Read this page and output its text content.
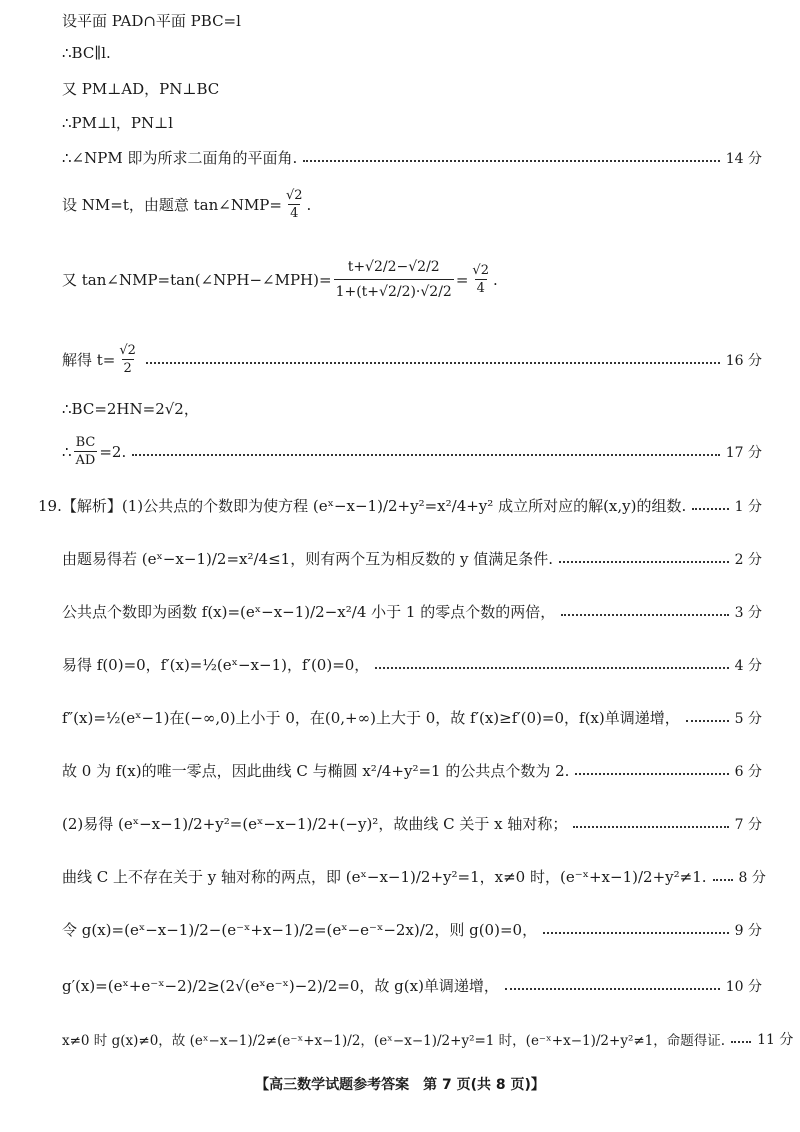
设平面 PAD∩平面 PBC=l
∴BC∥l.
又 PM⊥AD，PN⊥BC
∴PM⊥l，PN⊥l
∴∠NPM 即为所求二面角的平面角.	14 分
设 NM=t，由题意 tan∠NMP= $\frac{√2}{4}$ .
又 tan∠NMP=tan(∠NPH−∠MPH)= $\frac{t+√2/2-√2/2}{1+(t+√2/2)\cdot√2/2} = \frac{√2}{4}$ .
解得 $t= \frac{√2}{2}$	16 分
∴BC=2HN=2√2，
∴ $\frac{BC}{AD} =2$.	17 分
19.【解析】(1)公共点的个数即为使方程 (eˣ−x−1)/2+y²=x²/4+y² 成立所对应的解(x,y)的组数.	1 分
由题易得若 (eˣ−x−1)/2=x²/4≤1，则有两个互为相反数的 y 值满足条件.	2 分
公共点个数即为函数 f(x)=(eˣ−x−1)/2−x²/4 小于 1 的零点个数的两倍，	3 分
易得 f(0)=0，f′(x)=½(eˣ−x−1)，f′(0)=0，	4 分
f″(x)=½(eˣ−1)在(−∞,0)上小于 0，在(0,+∞)上大于 0，故 f′(x)≥f′(0)=0，f(x)单调递增，	5 分
故 0 为 f(x)的唯一零点，因此曲线 C 与椭圆 x²/4+y²=1 的公共点个数为 2.	6 分
(2)易得 (eˣ−x−1)/2+y²=(eˣ−x−1)/2+(−y)²，故曲线 C 关于 x 轴对称；	7 分
曲线 C 上不存在关于 y 轴对称的两点，即 (eˣ−x−1)/2+y²=1，x≠0 时，(e⁻ˣ+x−1)/2+y²≠1. 8 分
令 g(x)=(eˣ−x−1)/2−(e⁻ˣ+x−1)/2=(eˣ−e⁻ˣ−2x)/2，则 g(0)=0，	9 分
g′(x)=(eˣ+e⁻ˣ−2)/2≥(2√(eˣe⁻ˣ)−2)/2=0，故 g(x)单调递增，	10 分
x≠0 时 g(x)≠0，故 (eˣ−x−1)/2≠(e⁻ˣ+x−1)/2，(eˣ−x−1)/2+y²=1 时，(e⁻ˣ+x−1)/2+y²≠1，命题得证. 11 分
【高三数学试题参考答案　第 7 页(共 8 页)】
